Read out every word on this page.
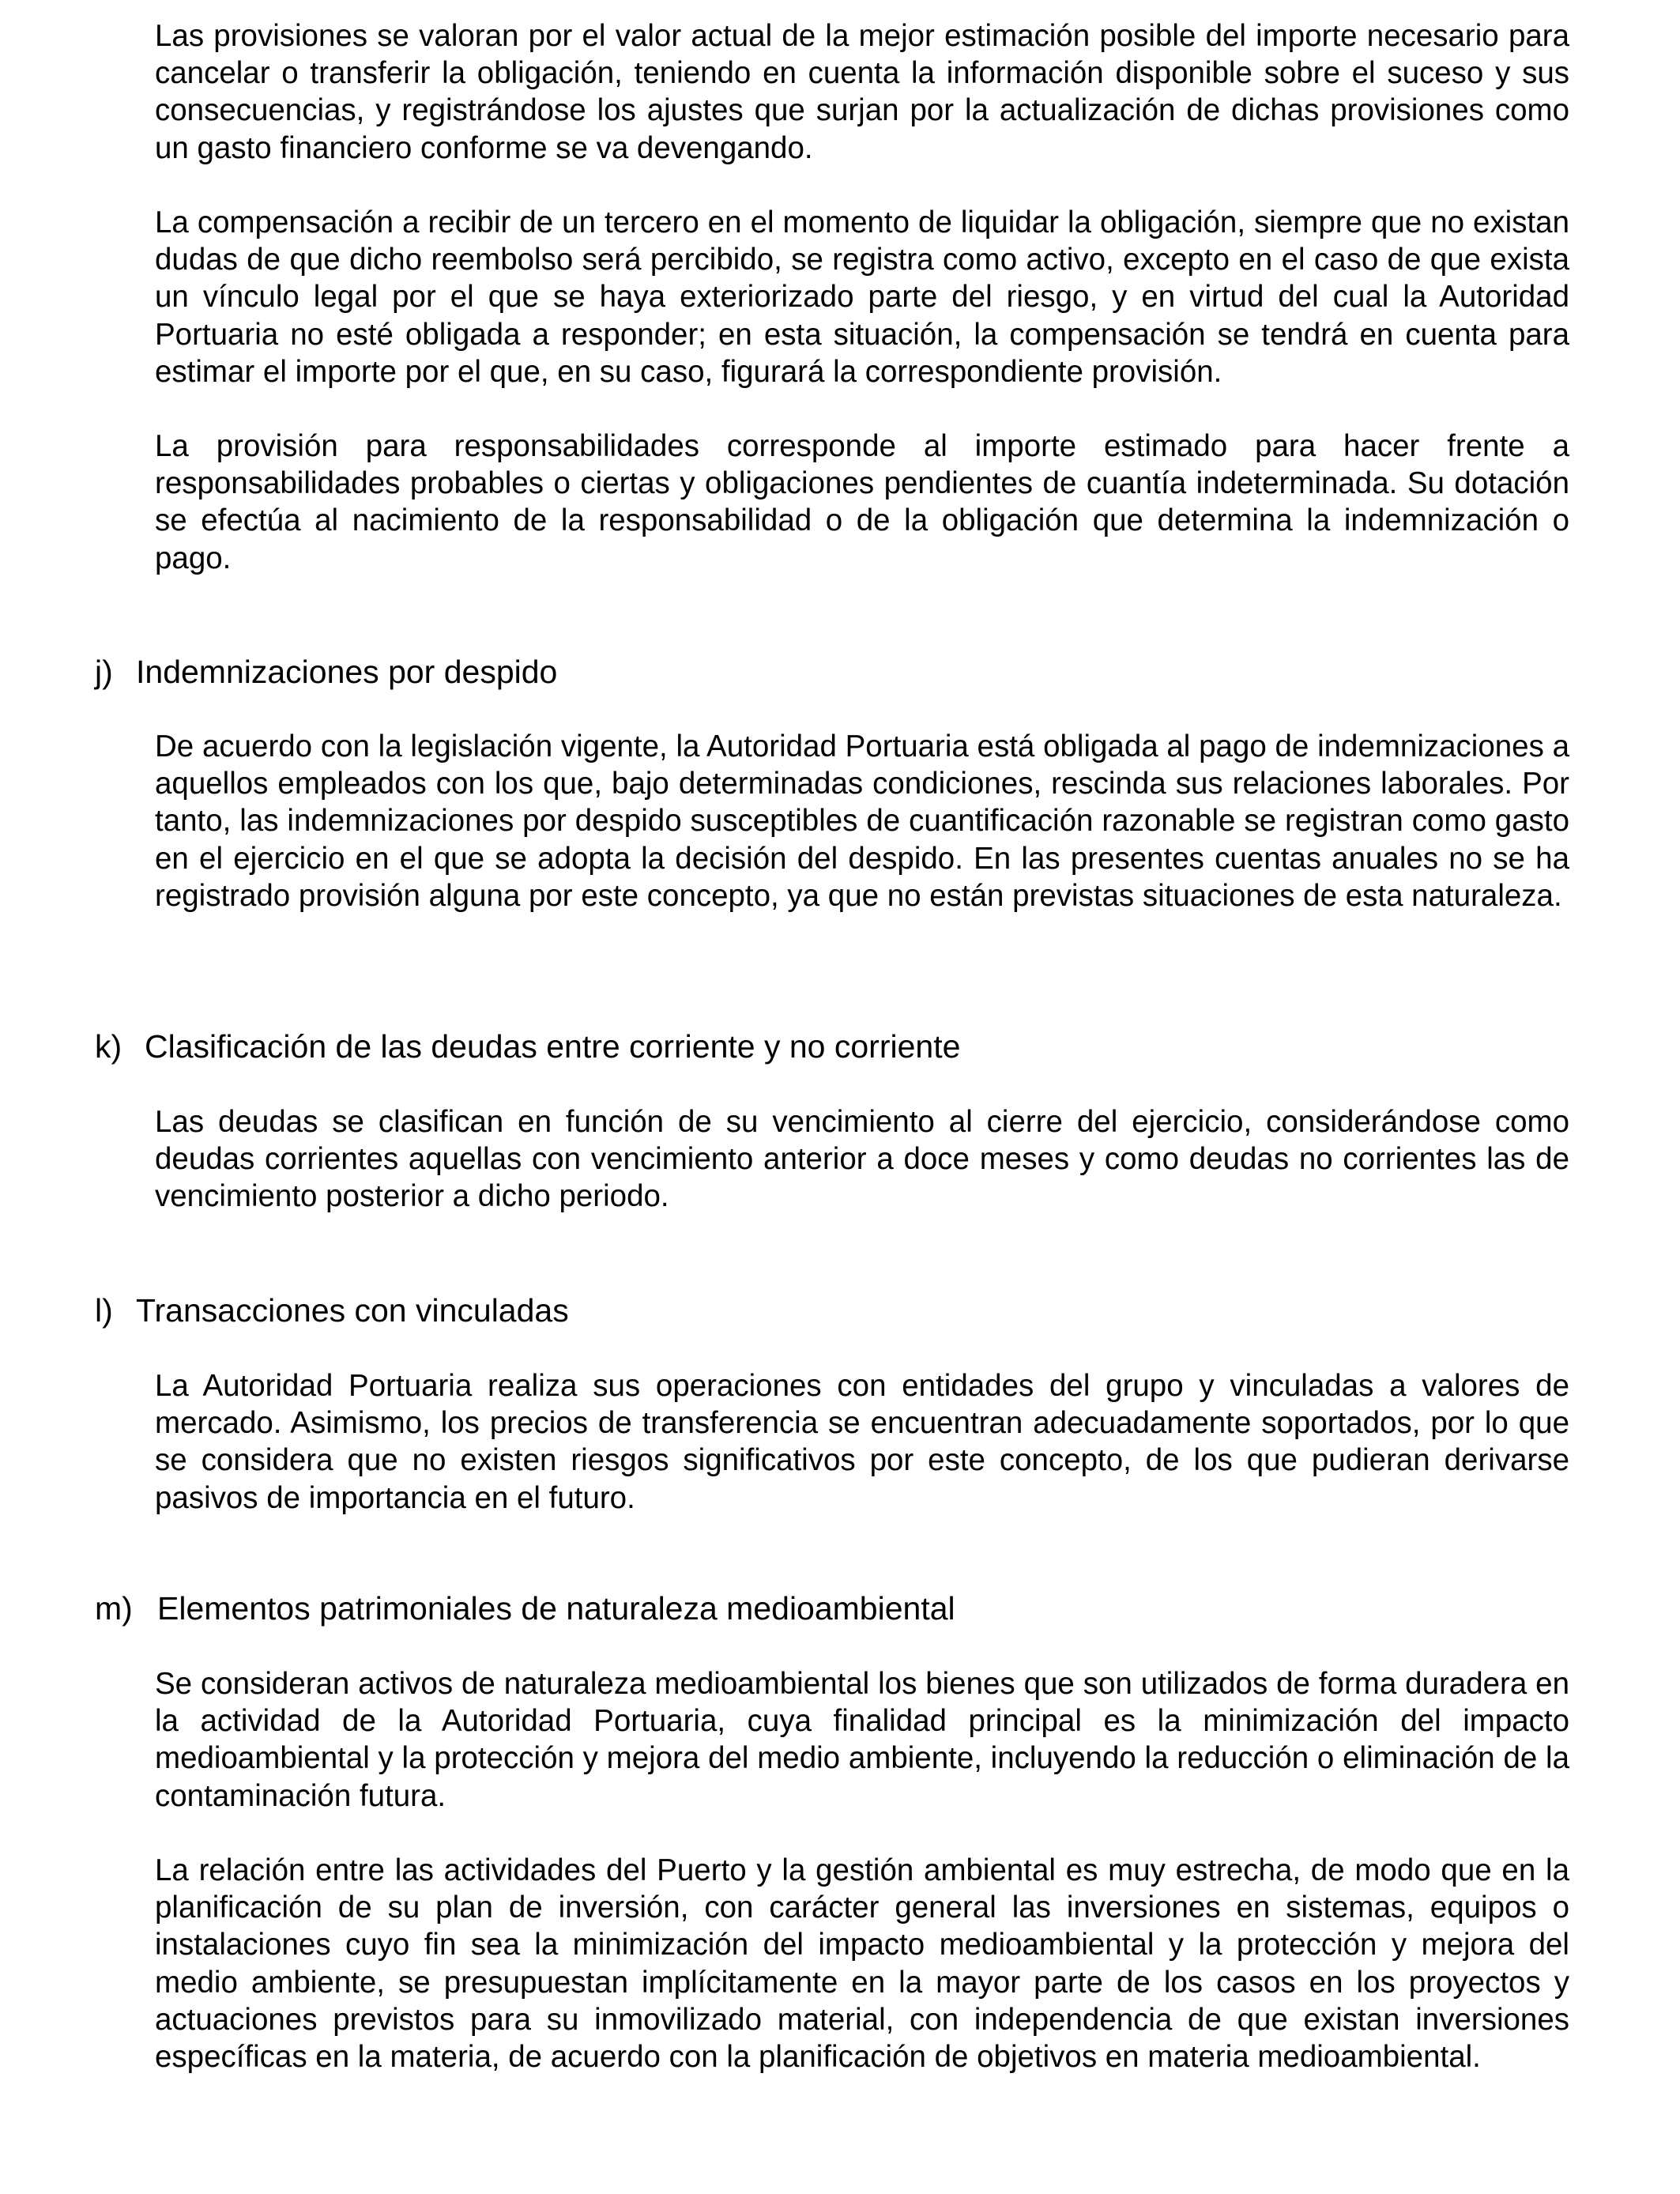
Las provisiones se valoran por el valor actual de la mejor estimación posible del importe necesario para cancelar o transferir la obligación, teniendo en cuenta la información disponible sobre el suceso y sus consecuencias, y registrándose los ajustes que surjan por la actualización de dichas provisiones como un gasto financiero conforme se va devengando.

La compensación a recibir de un tercero en el momento de liquidar la obligación, siempre que no existan dudas de que dicho reembolso será percibido, se registra como activo, excepto en el caso de que exista un vínculo legal por el que se haya exteriorizado parte del riesgo, y en virtud del cual la Autoridad Portuaria no esté obligada a responder; en esta situación, la compensación se tendrá en cuenta para estimar el importe por el que, en su caso, figurará la correspondiente provisión.

La provisión para responsabilidades corresponde al importe estimado para hacer frente a responsabilidades probables o ciertas y obligaciones pendientes de cuantía indeterminada. Su dotación se efectúa al nacimiento de la responsabilidad o de la obligación que determina la indemnización o pago.

j) Indemnizaciones por despido

De acuerdo con la legislación vigente, la Autoridad Portuaria está obligada al pago de indemnizaciones a aquellos empleados con los que, bajo determinadas condiciones, rescinda sus relaciones laborales. Por tanto, las indemnizaciones por despido susceptibles de cuantificación razonable se registran como gasto en el ejercicio en el que se adopta la decisión del despido. En las presentes cuentas anuales no se ha registrado provisión alguna por este concepto, ya que no están previstas situaciones de esta naturaleza.

k) Clasificación de las deudas entre corriente y no corriente

Las deudas se clasifican en función de su vencimiento al cierre del ejercicio, considerándose como deudas corrientes aquellas con vencimiento anterior a doce meses y como deudas no corrientes las de vencimiento posterior a dicho periodo.

l) Transacciones con vinculadas

La Autoridad Portuaria realiza sus operaciones con entidades del grupo y vinculadas a valores de mercado. Asimismo, los precios de transferencia se encuentran adecuadamente soportados, por lo que se considera que no existen riesgos significativos por este concepto, de los que pudieran derivarse pasivos de importancia en el futuro.

m) Elementos patrimoniales de naturaleza medioambiental

Se consideran activos de naturaleza medioambiental los bienes que son utilizados de forma duradera en la actividad de la Autoridad Portuaria, cuya finalidad principal es la minimización del impacto medioambiental y la protección y mejora del medio ambiente, incluyendo la reducción o eliminación de la contaminación futura.

La relación entre las actividades del Puerto y la gestión ambiental es muy estrecha, de modo que en la planificación de su plan de inversión, con carácter general las inversiones en sistemas, equipos o instalaciones cuyo fin sea la minimización del impacto medioambiental y la protección y mejora del medio ambiente, se presupuestan implícitamente en la mayor parte de los casos en los proyectos y actuaciones previstos para su inmovilizado material, con independencia de que existan inversiones específicas en la materia, de acuerdo con la planificación de objetivos en materia medioambiental.
